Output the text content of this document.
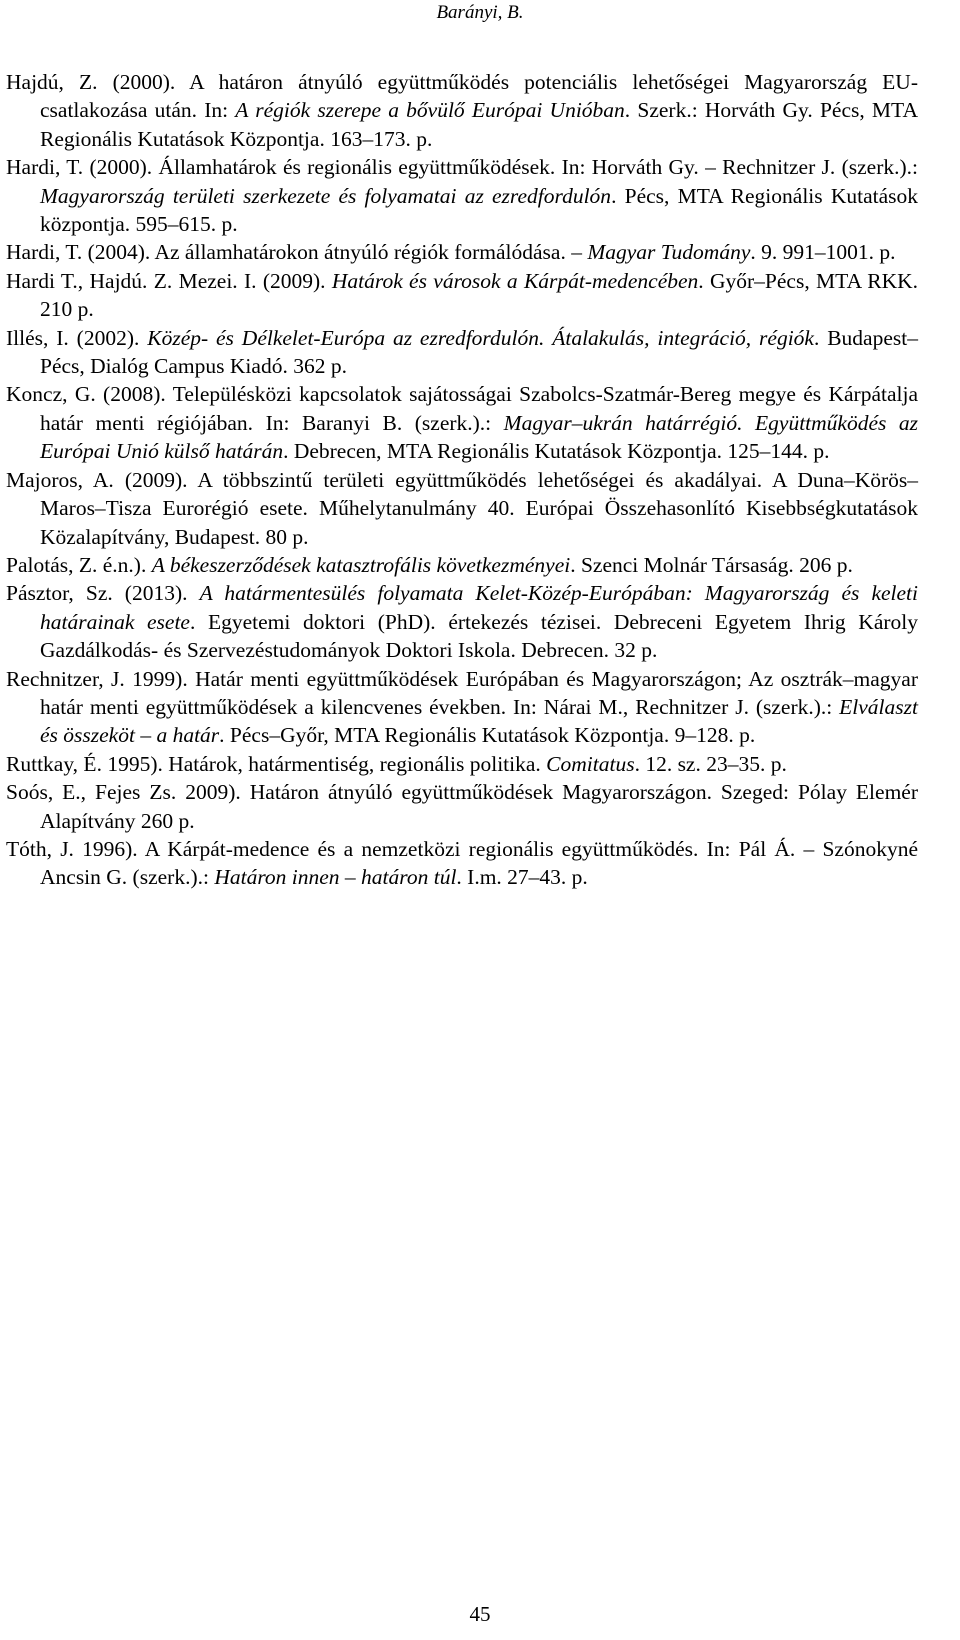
Barányi, B.
Hajdú, Z. (2000). A határon átnyúló együttműködés potenciális lehetőségei Magyarország EU- csatlakozása után. In: A régiók szerepe a bővülő Európai Unióban. Szerk.: Horváth Gy. Pécs, MTA Regionális Kutatások Központja. 163‒173. p.
Hardi, T. (2000). Államhatárok és regionális együttműködések. In: Horváth Gy. ‒ Rechnitzer J. (szerk.).: Magyarország területi szerkezete és folyamatai az ezredfordulón. Pécs, MTA Regionális Kutatások központja. 595‒615. p.
Hardi, T. (2004). Az államhatárokon átnyúló régiók formálódása. ‒ Magyar Tudomány. 9. 991‒1001. p.
Hardi T., Hajdú. Z. Mezei. I. (2009). Határok és városok a Kárpát-medencében. Győr‒Pécs, MTA RKK. 210 p.
Illés, I. (2002). Közép- és Délkelet-Európa az ezredfordulón. Átalakulás, integráció, régiók. Budapest‒Pécs, Dialóg Campus Kiadó. 362 p.
Koncz, G. (2008). Településközi kapcsolatok sajátosságai Szabolcs-Szatmár-Bereg megye és Kárpátalja határ menti régiójában. In: Baranyi B. (szerk.).: Magyar‒ukrán határrégió. Együttműködés az Európai Unió külső határán. Debrecen, MTA Regionális Kutatások Központja. 125‒144. p.
Majoros, A. (2009). A többszintű területi együttműködés lehetőségei és akadályai. A Duna‒Körös‒Maros‒Tisza Eurorégió esete. Műhelytanulmány 40. Európai Összehasonlító Kisebbségkutatások Közalapítvány, Budapest. 80 p.
Palotás, Z. é.n.). A békeszerződések katasztrofális következményei. Szenci Molnár Társaság. 206 p.
Pásztor, Sz. (2013). A határmentesülés folyamata Kelet-Közép-Európában: Magyarország és keleti határainak esete. Egyetemi doktori (PhD). értekezés tézisei. Debreceni Egyetem Ihrig Károly Gazdálkodás- és Szervezéstudományok Doktori Iskola. Debrecen. 32 p.
Rechnitzer, J. 1999). Határ menti együttműködések Európában és Magyarországon; Az osztrák‒magyar határ menti együttműködések a kilencvenes években. In: Nárai M., Rechnitzer J. (szerk.).: Elválaszt és összeköt ‒ a határ. Pécs‒Győr, MTA Regionális Kutatások Központja. 9‒128. p.
Ruttkay, É. 1995). Határok, határmentiség, regionális politika. Comitatus. 12. sz. 23‒35. p.
Soós, E., Fejes Zs. 2009). Határon átnyúló együttműködések Magyarországon. Szeged: Pólay Elemér Alapítvány 260 p.
Tóth, J. 1996). A Kárpát-medence és a nemzetközi regionális együttműködés. In: Pál Á. ‒ Szónokyné Ancsin G. (szerk.).: Határon innen ‒ határon túl. I.m. 27‒43. p.
45
